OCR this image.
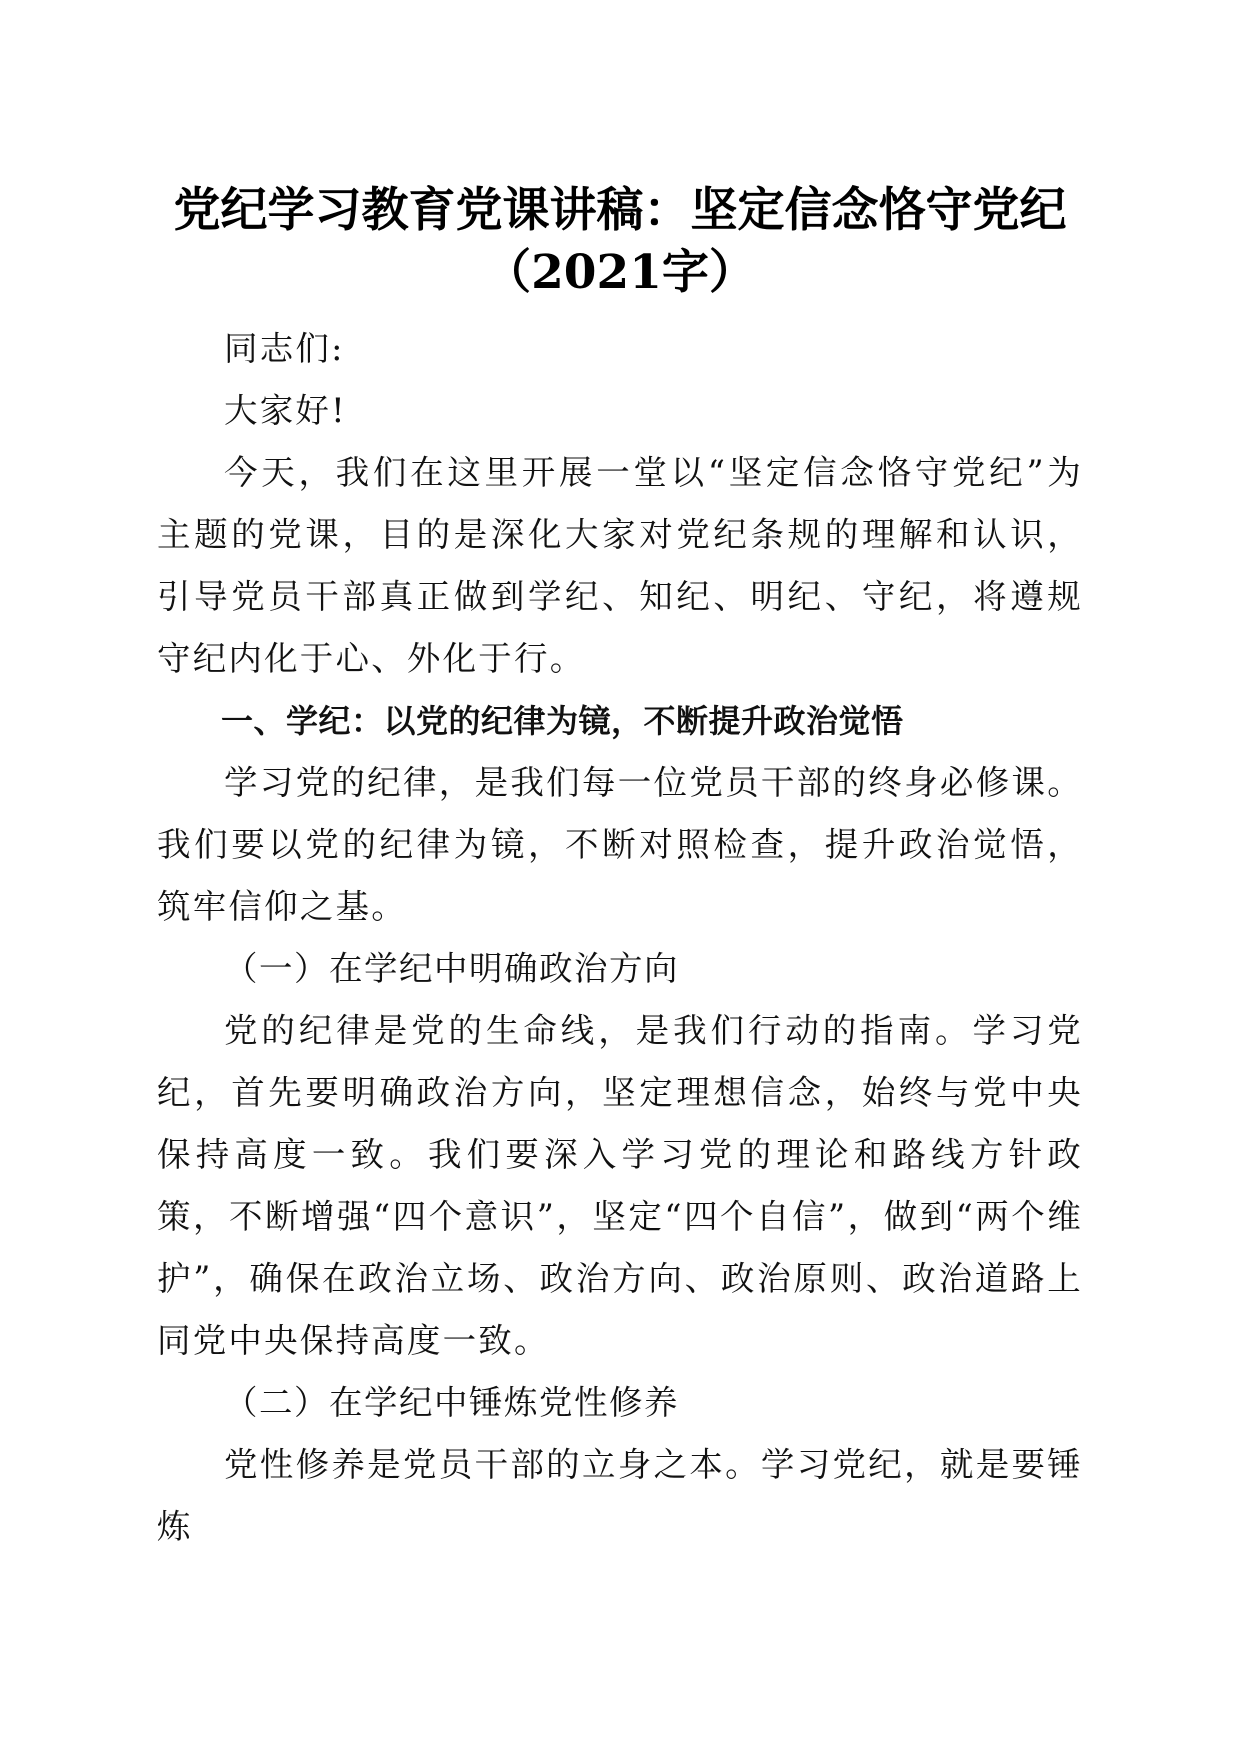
党纪学习教育党课讲稿：坚定信念恪守党纪
（2021字）

同志们:

大家好!

今天，我们在这里开展一堂以“坚定信念恪守党纪”为主题的党课，目的是深化大家对党纪条规的理解和认识，引导党员干部真正做到学纪、知纪、明纪、守纪，将遵规守纪内化于心、外化于行。

一、学纪：以党的纪律为镜，不断提升政治觉悟

学习党的纪律，是我们每一位党员干部的终身必修课。我们要以党的纪律为镜，不断对照检查，提升政治觉悟，筑牢信仰之基。

（一）在学纪中明确政治方向

党的纪律是党的生命线，是我们行动的指南。学习党纪，首先要明确政治方向，坚定理想信念，始终与党中央保持高度一致。我们要深入学习党的理论和路线方针政策，不断增强“四个意识”，坚定“四个自信”，做到“两个维护”，确保在政治立场、政治方向、政治原则、政治道路上同党中央保持高度一致。

（二）在学纪中锤炼党性修养

党性修养是党员干部的立身之本。学习党纪，就是要锤炼
